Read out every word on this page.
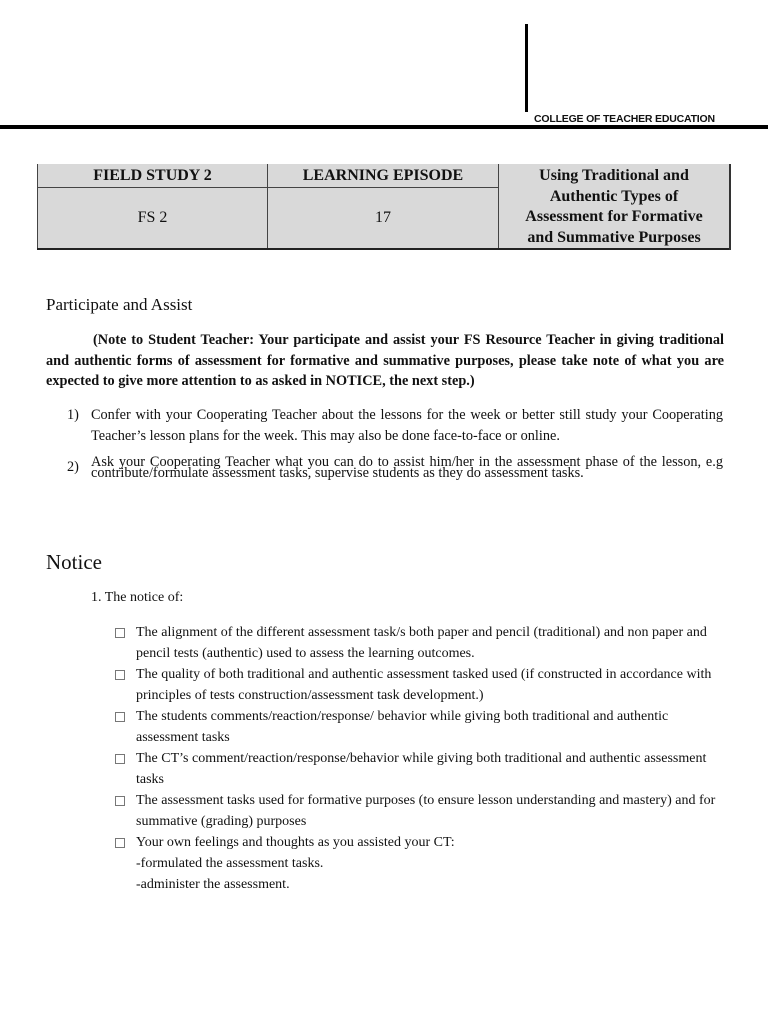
COLLEGE OF TEACHER EDUCATION
FIELD STUDY 2	LEARNING EPISODE	Using Traditional and
Authentic Types of
Assessment for Formative
and Summative Purposes

FS 2	17	
Participate and Assist
(Note to Student Teacher: Your participate and assist your FS Resource Teacher in giving traditional and authentic forms of assessment for formative and summative purposes, please take note of what you are expected to give more attention to as asked in NOTICE, the next step.)
1) Confer with your Cooperating Teacher about the lessons for the week or better still study your Cooperating Teacher’s lesson plans for the week. This may also be done face-to-face or online.
2) Ask your Cooperating Teacher what you can do to assist him/her in the assessment phase of the lesson, e.g contribute/formulate assessment tasks, supervise students as they do assessment tasks.
Notice
1. The notice of:
The alignment of the different assessment task/s both paper and pencil (traditional) and non paper and pencil tests (authentic) used to assess the learning outcomes.
The quality of both traditional and authentic assessment tasked used (if constructed in accordance with principles of tests construction/assessment task development.)
The students comments/reaction/response/ behavior while giving both traditional and authentic assessment tasks
The CT’s comment/reaction/response/behavior while giving both traditional and authentic assessment tasks
The assessment tasks used for formative purposes (to ensure lesson understanding and mastery) and for summative (grading) purposes
Your own feelings and thoughts as you assisted your CT:
-formulated the assessment tasks.
-administer the assessment.
